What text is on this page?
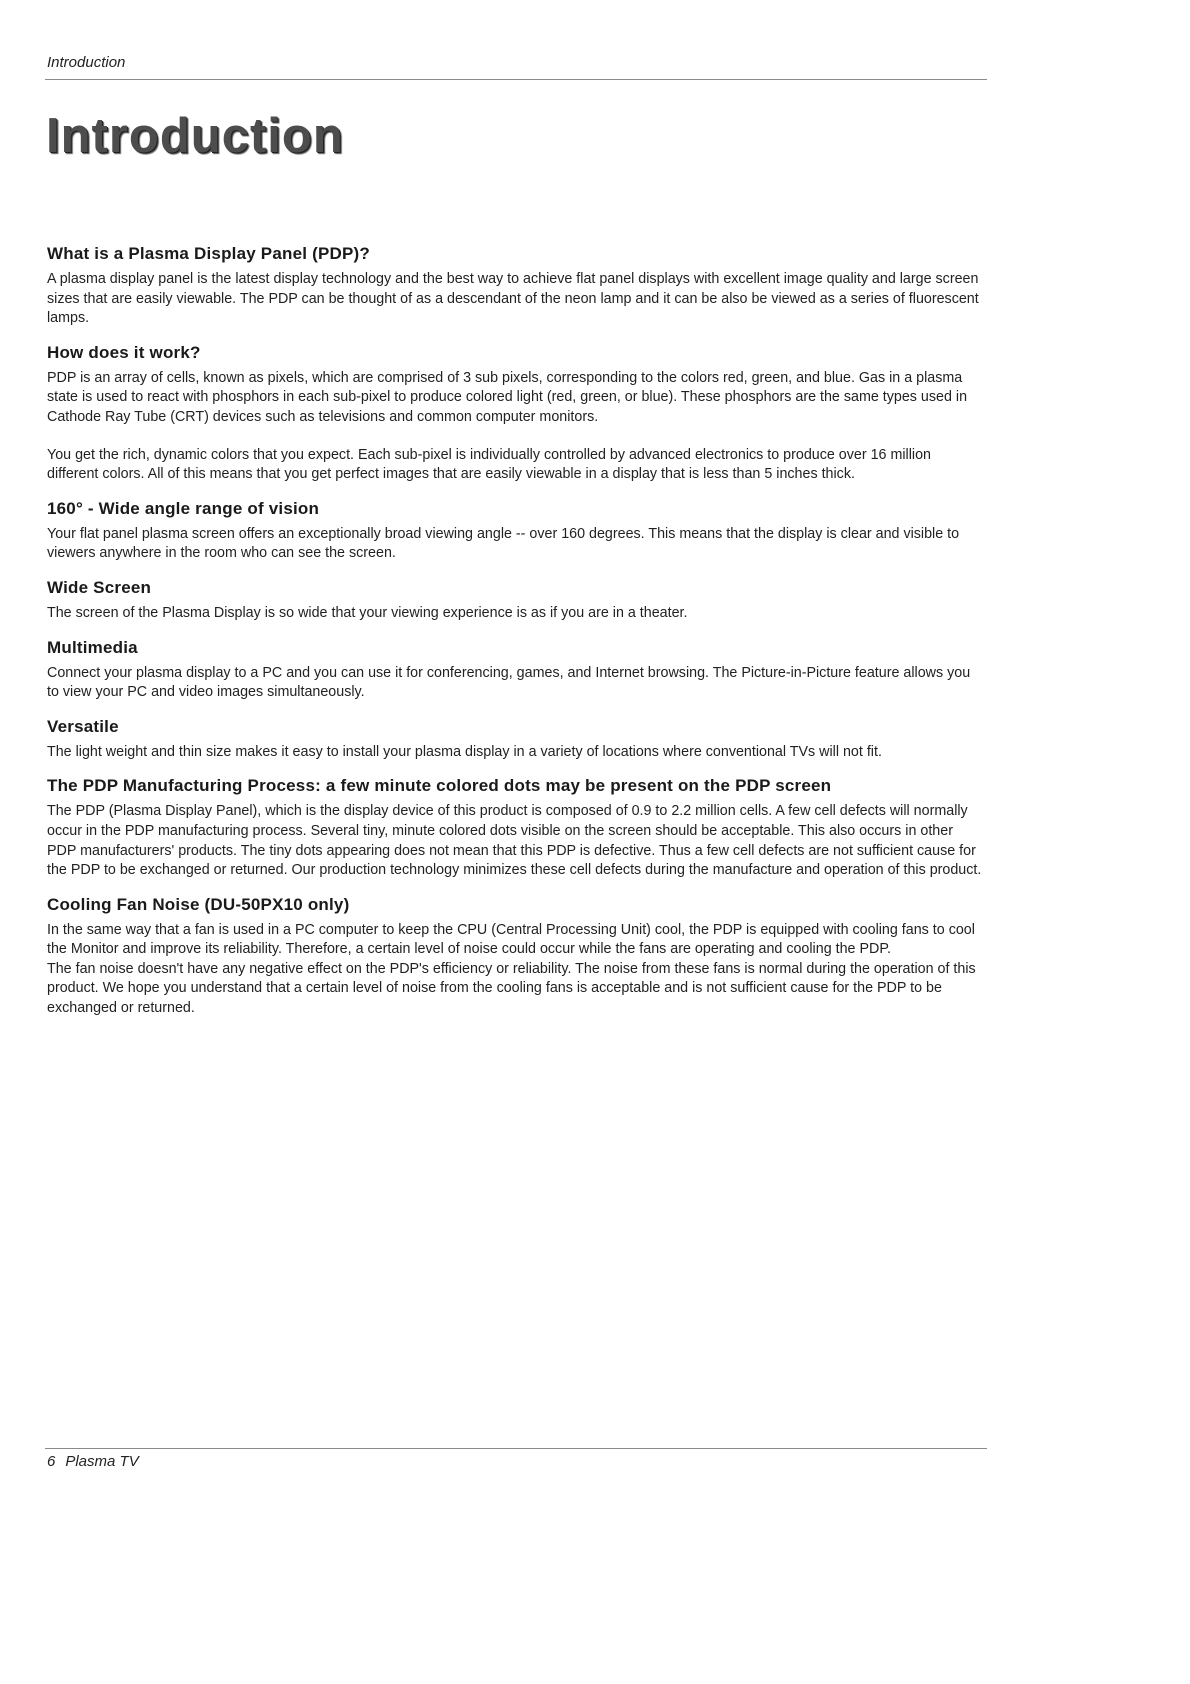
Introduction
Introduction
What is a Plasma Display Panel (PDP)?

A plasma display panel is the latest display technology and the best way to achieve flat panel displays with excellent image quality and large screen sizes that are easily viewable. The PDP can be thought of as a descendant of the neon lamp and it can be also be viewed as a series of fluorescent lamps.

How does it work?

PDP is an array of cells, known as pixels, which are comprised of 3 sub pixels, corresponding to the colors red, green, and blue. Gas in a plasma state is used to react with phosphors in each sub-pixel to produce colored light (red, green, or blue). These phosphors are the same types used in Cathode Ray Tube (CRT) devices such as televisions and common computer monitors.

You get the rich, dynamic colors that you expect. Each sub-pixel is individually controlled by advanced electronics to produce over 16 million different colors. All of this means that you get perfect images that are easily viewable in a display that is less than 5 inches thick.

160° - Wide angle range of vision

Your flat panel plasma screen offers an exceptionally broad viewing angle -- over 160 degrees. This means that the display is clear and visible to viewers anywhere in the room who can see the screen.

Wide Screen

The screen of the Plasma Display is so wide that your viewing experience is as if you are in a theater.

Multimedia

Connect your plasma display to a PC and you can use it for conferencing, games, and Internet browsing. The Picture-in-Picture feature allows you to view your PC and video images simultaneously.

Versatile

The light weight and thin size makes it easy to install your plasma display in a variety of locations where conventional TVs will not fit.

The PDP Manufacturing Process: a few minute colored dots may be present on the PDP screen

The PDP (Plasma Display Panel), which is the display device of this product is composed of 0.9 to 2.2 million cells. A few cell defects will normally occur in the PDP manufacturing process. Several tiny, minute colored dots visible on the screen should be acceptable. This also occurs in other PDP manufacturers' products. The tiny dots appearing does not mean that this PDP is defective. Thus a few cell defects are not sufficient cause for the PDP to be exchanged or returned. Our production technology minimizes these cell defects during the manufacture and operation of this product.

Cooling Fan Noise (DU-50PX10 only)

In the same way that a fan is used in a PC computer to keep the CPU (Central Processing Unit) cool, the PDP is equipped with cooling fans to cool the Monitor and improve its reliability. Therefore, a certain level of noise could occur while the fans are operating and cooling the PDP.

The fan noise doesn't have any negative effect on the PDP's efficiency or reliability. The noise from these fans is normal during the operation of this product. We hope you understand that a certain level of noise from the cooling fans is acceptable and is not sufficient cause for the PDP to be exchanged or returned.

6 Plasma TV
